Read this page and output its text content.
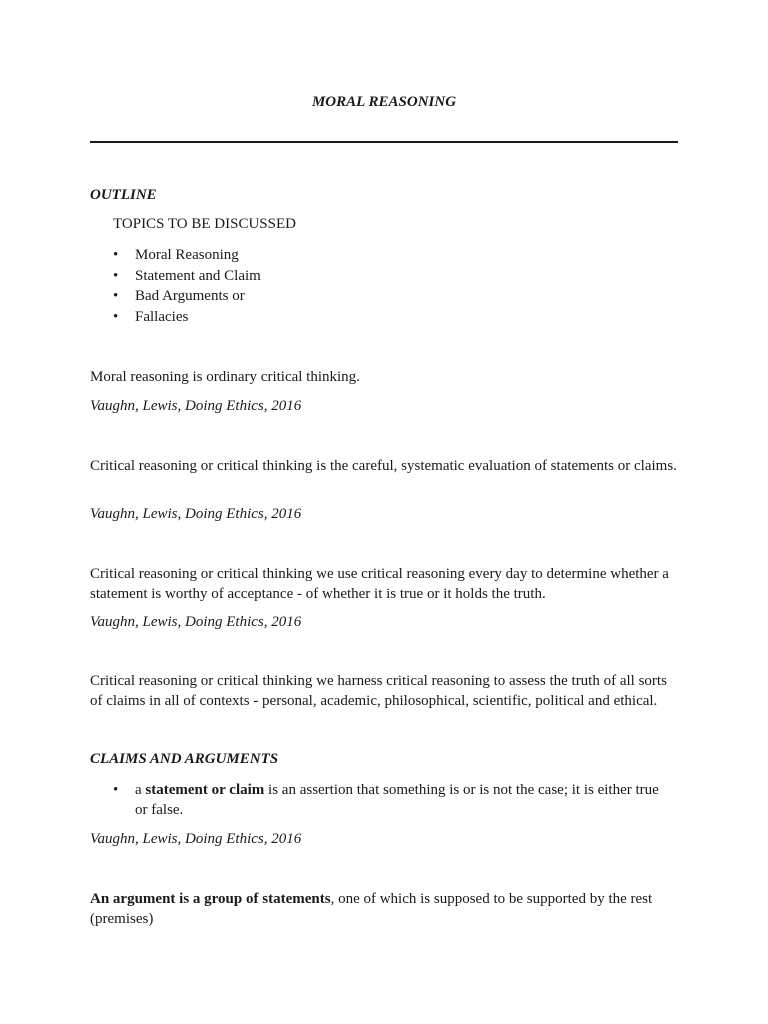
MORAL REASONING
OUTLINE
TOPICS TO BE DISCUSSED
• Moral Reasoning
• Statement and Claim
• Bad Arguments or
• Fallacies
Moral reasoning is ordinary critical thinking.
Vaughn, Lewis, Doing Ethics, 2016
Critical reasoning or critical thinking is the careful, systematic evaluation of statements or claims.
Vaughn, Lewis, Doing Ethics, 2016
Critical reasoning or critical thinking we use critical reasoning every day to determine whether a statement is worthy of acceptance - of whether it is true or it holds the truth.
Vaughn, Lewis, Doing Ethics, 2016
Critical reasoning or critical thinking we harness critical reasoning to assess the truth of all sorts of claims in all of contexts - personal, academic, philosophical, scientific, political and ethical.
CLAIMS AND ARGUMENTS
• a statement or claim is an assertion that something is or is not the case; it is either true or false.
Vaughn, Lewis, Doing Ethics, 2016
An argument is a group of statements, one of which is supposed to be supported by the rest (premises)
